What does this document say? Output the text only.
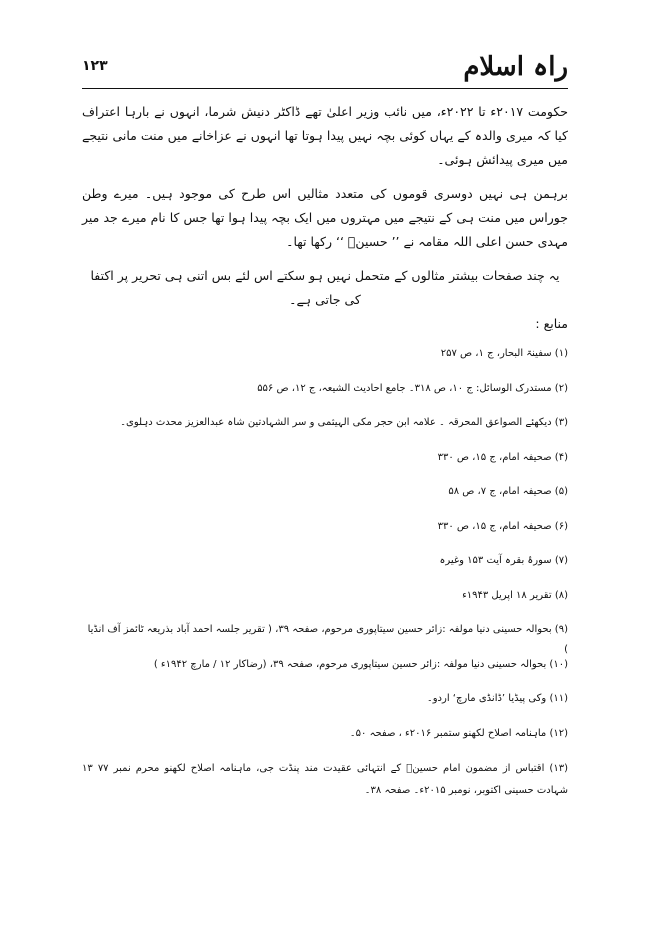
راہ اسلام
۱۲۳

حکومت ۲۰۱۷ء تا ۲۰۲۲ء، میں نائب وزیر اعلیٰ تھے ڈاکٹر دنیش شرما، انہوں نے بارہا اعتراف کیا کہ میری والدہ کے یہاں کوئی بچہ نہیں پیدا ہوتا تھا انہوں نے عزاخانے میں منت مانی نتیجے میں میری پیدائش ہوئی۔

برہمن ہی نہیں دوسری قوموں کی متعدد مثالیں اس طرح کی موجود ہیں۔ میرے وطن جوراس میں منت ہی کے نتیجے میں مہتروں میں ایک بچہ پیدا ہوا تھا جس کا نام میرے جد میر مہدی حسن اعلی اللہ مقامہ نے ’’ حسینؔ ‘‘ رکھا تھا۔

یہ چند صفحات بیشتر مثالوں کے متحمل نہیں ہو سکتے اس لئے بس اتنی ہی تحریر پر اکتفا کی جاتی ہے۔

منابع :
(۱) سفینۃ البحار، ج ۱، ص ۲۵۷
(۲) مستدرک الوسائل: ج ۱۰، ص ۳۱۸۔ جامع احادیث الشیعہ، ج ۱۲، ص ۵۵۶
(۳) دیکھئے الصواعق المحرقہ ۔ علامہ ابن حجر مکی الہیثمی و سر الشہادتین شاہ عبدالعزیز محدث دہلوی۔
(۴) صحیفہ امام، ج ۱۵، ص ۳۳۰
(۵) صحیفہ امام، ج ۷، ص ۵۸
(۶) صحیفہ امام، ج ۱۵، ص ۳۳۰
(۷) سورۂ بقرہ آیت ۱۵۳ وغیرہ
(۸) تقریر ۱۸ اپریل ۱۹۴۳ء
(۹) بحوالہ حسینی دنیا مولفہ :زائر حسین سیتاپوری مرحوم، صفحہ ۳۹، ( تقریر جلسہ احمد آباد بذریعہ ٹائمز آف انڈیا )
(۱۰) بحوالہ حسینی دنیا مولفہ :زائر حسین سیتاپوری مرحوم، صفحہ ۳۹، (رضاکار ۱۲ / مارچ ۱۹۴۲ء )
(۱۱) وکی پیڈیا ’ڈانڈی مارچ‘ اردو۔
(۱۲) ماہنامہ اصلاح لکھنو ستمبر ۲۰۱۶ء ، صفحہ ۵۰۔
(۱۳) اقتباس از مضمون امام حسینؑ کے انتہائی عقیدت مند پنڈت جی، ماہنامہ اصلاح لکھنو محرم نمبر ۷۷ ۱۳ شہادت حسینی اکتوبر، نومبر ۲۰۱۵ء۔ صفحہ ۳۸۔
